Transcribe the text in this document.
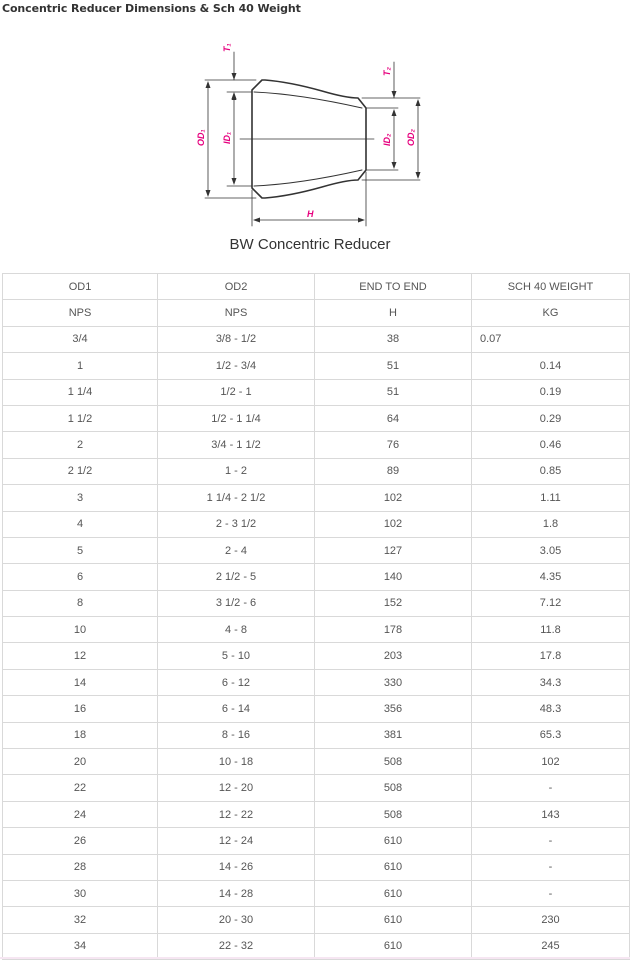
Concentric Reducer Dimensions & Sch 40 Weight
T₁
T₂
OD₁ ID₁	ID₂ OD₂
H
BW Concentric Reducer
OD1	OD2	END TO END	SCH 40 WEIGHT
NPS	NPS	H	KG
3/4	3/8 - 1/2	38	0.07
1	1/2 - 3/4	51	0.14
1 1/4	1/2 - 1	51	0.19
1 1/2	1/2 - 1 1/4	64	0.29
2	3/4 - 1 1/2	76	0.46
2 1/2	1 - 2	89	0.85
3	1 1/4 - 2 1/2	102	1.11
4	2 - 3 1/2	102	1.8
5	2 - 4	127	3.05
6	2 1/2 - 5	140	4.35
8	3 1/2 - 6	152	7.12
10	4 - 8	178	11.8
12	5 - 10	203	17.8
14	6 - 12	330	34.3
16	6 - 14	356	48.3
18	8 - 16	381	65.3
20	10 - 18	508	102
22	12 - 20	508	-
24	12 - 22	508	143
26	12 - 24	610	-
28	14 - 26	610	-
30	14 - 28	610	-
32	20 - 30	610	230
34	22 - 32	610	245
